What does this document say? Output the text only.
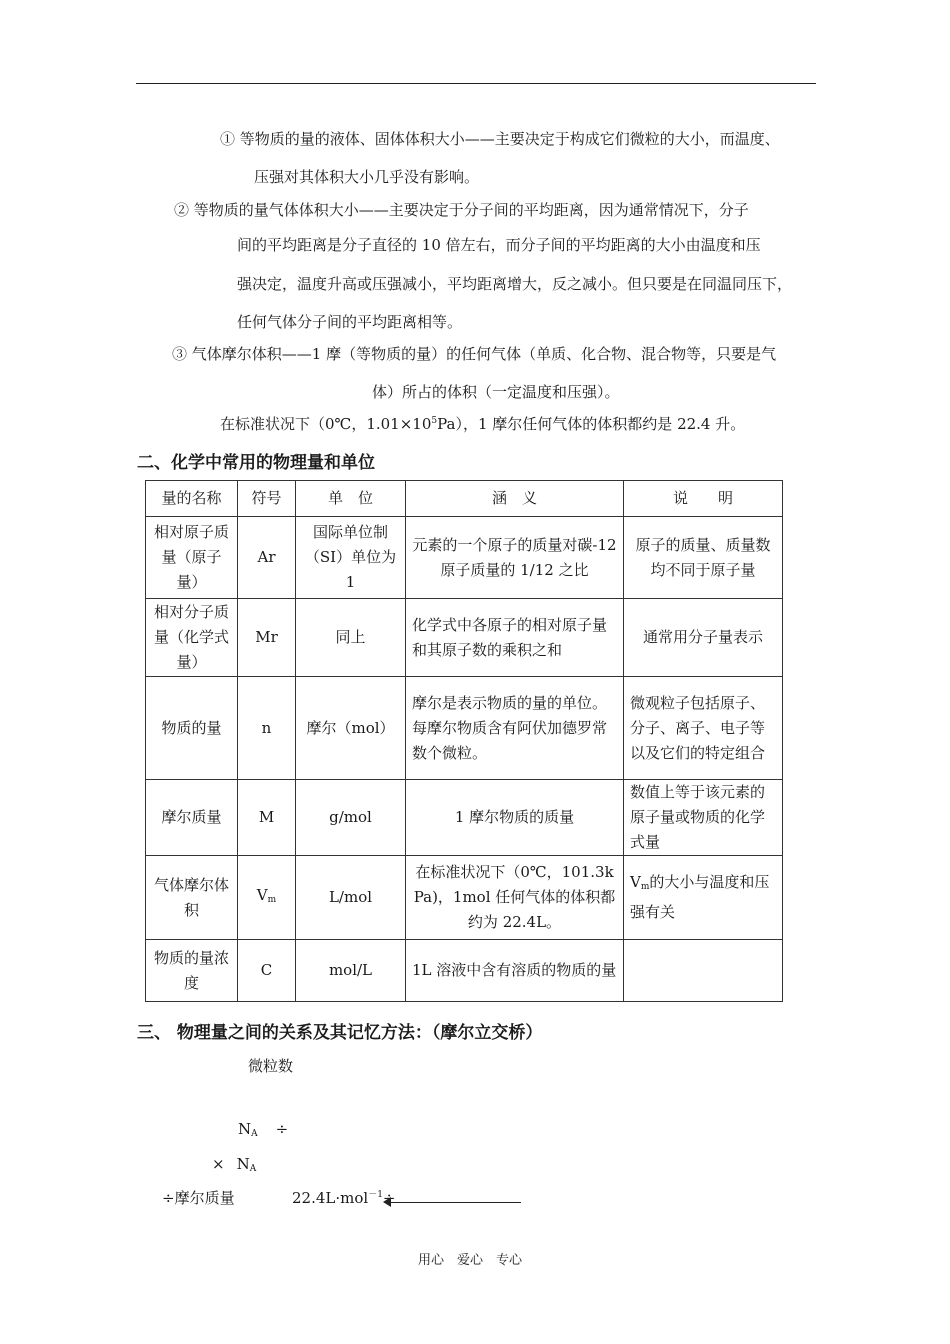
① 等物质的量的液体、固体体积大小——主要决定于构成它们微粒的大小，而温度、
压强对其体积大小几乎没有影响。
② 等物质的量气体体积大小——主要决定于分子间的平均距离，因为通常情况下，分子
间的平均距离是分子直径的 10 倍左右，而分子间的平均距离的大小由温度和压
强决定，温度升高或压强减小，平均距离增大，反之减小。但只要是在同温同压下，
任何气体分子间的平均距离相等。
③ 气体摩尔体积——1 摩（等物质的量）的任何气体（单质、化合物、混合物等，只要是气
体）所占的体积（一定温度和压强）。
在标准状况下（0℃，$1.01\times 10^5Pa$），1 摩尔任何气体的体积都约是 22.4 升。
二、化学中常用的物理量和单位
量的名称	符号	单　位	涵　义	说　　明
相对原子质量（原子量）	Ar	国际单位制（SI）单位为 1	元素的一个原子的质量对碳-12 原子质量的 1/12 之比	原子的质量、质量数均不同于原子量
相对分子质量（化学式量）	Mr	同上	化学式中各原子的相对原子量和其原子数的乘积之和	通常用分子量表示
物质的量	n	摩尔（mol）	摩尔是表示物质的量的单位。每摩尔物质含有阿伏加德罗常数个微粒。	微观粒子包括原子、分子、离子、电子等以及它们的特定组合
摩尔质量	M	g/mol	1 摩尔物质的质量	数值上等于该元素的原子量或物质的化学式量
气体摩尔体积	$V_m$	L/mol	在标准状况下（0℃，101.3kPa)，1mol 任何气体的体积都约为 22.4L。	$V_m$的大小与温度和压强有关
物质的量浓度	C	mol/L	1L 溶液中含有溶质的物质的量	
三、 物理量之间的关系及其记忆方法：（摩尔立交桥）
微粒数
$N_A$ ÷
× $N_A$
÷摩尔质量	22.4L·mol$^{-1}$÷
用心　爱心　专心
